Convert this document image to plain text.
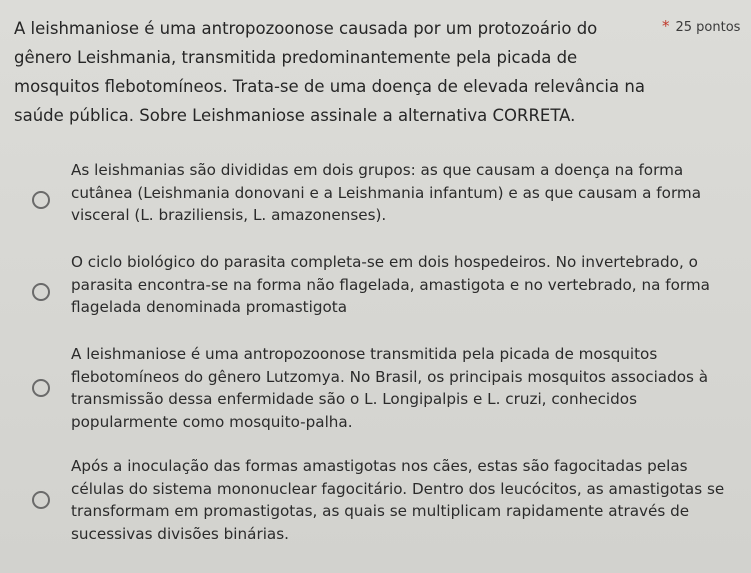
A leishmaniose é uma antropozoonose causada por um protozoário do gênero Leishmania, transmitida predominantemente pela picada de mosquitos flebotomíneos. Trata-se de uma doença de elevada relevância na saúde pública. Sobre Leishmaniose assinale a alternativa CORRETA.
* 25 pontos
As leishmanias são divididas em dois grupos: as que causam a doença na forma cutânea (Leishmania donovani e a Leishmania infantum) e as que causam a forma visceral (L. braziliensis, L. amazonenses).
O ciclo biológico do parasita completa-se em dois hospedeiros. No invertebrado, o parasita encontra-se na forma não flagelada, amastigota e no vertebrado, na forma flagelada denominada promastigota
A leishmaniose é uma antropozoonose transmitida pela picada de mosquitos flebotomíneos do gênero Lutzomya. No Brasil, os principais mosquitos associados à transmissão dessa enfermidade são o L. Longipalpis e L. cruzi, conhecidos popularmente como mosquito-palha.
Após a inoculação das formas amastigotas nos cães, estas são fagocitadas pelas células do sistema mononuclear fagocitário. Dentro dos leucócitos, as amastigotas se transformam em promastigotas, as quais se multiplicam rapidamente através de sucessivas divisões binárias.
